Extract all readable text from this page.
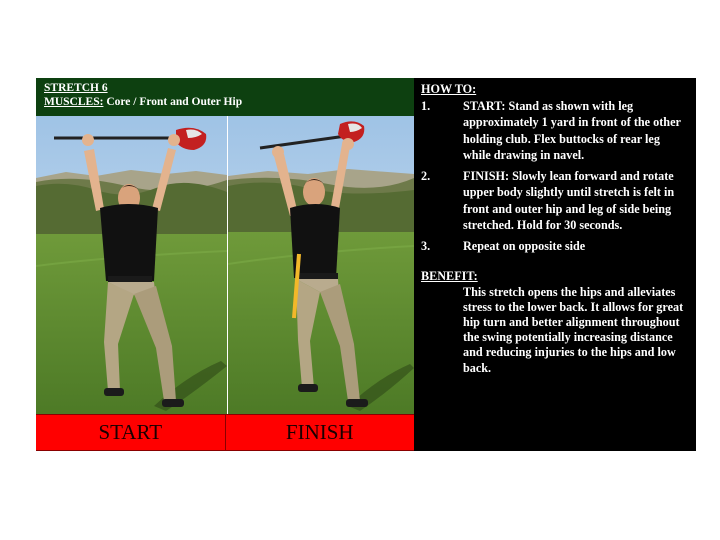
STRETCH 6
MUSCLES: Core / Front and Outer Hip
START	FINISH
HOW TO:
1.	START: Stand as shown with leg approximately 1 yard in front of the other holding club. Flex buttocks of rear leg while drawing in navel.
2.	FINISH: Slowly lean forward and rotate upper body slightly until stretch is felt in front and outer hip and leg of side being stretched. Hold for 30 seconds.
3.	Repeat on opposite side
BENEFIT:
This stretch opens the hips and alleviates stress to the lower back. It allows for great hip turn and better alignment throughout the swing potentially increasing distance and reducing injuries to the hips and low back.
